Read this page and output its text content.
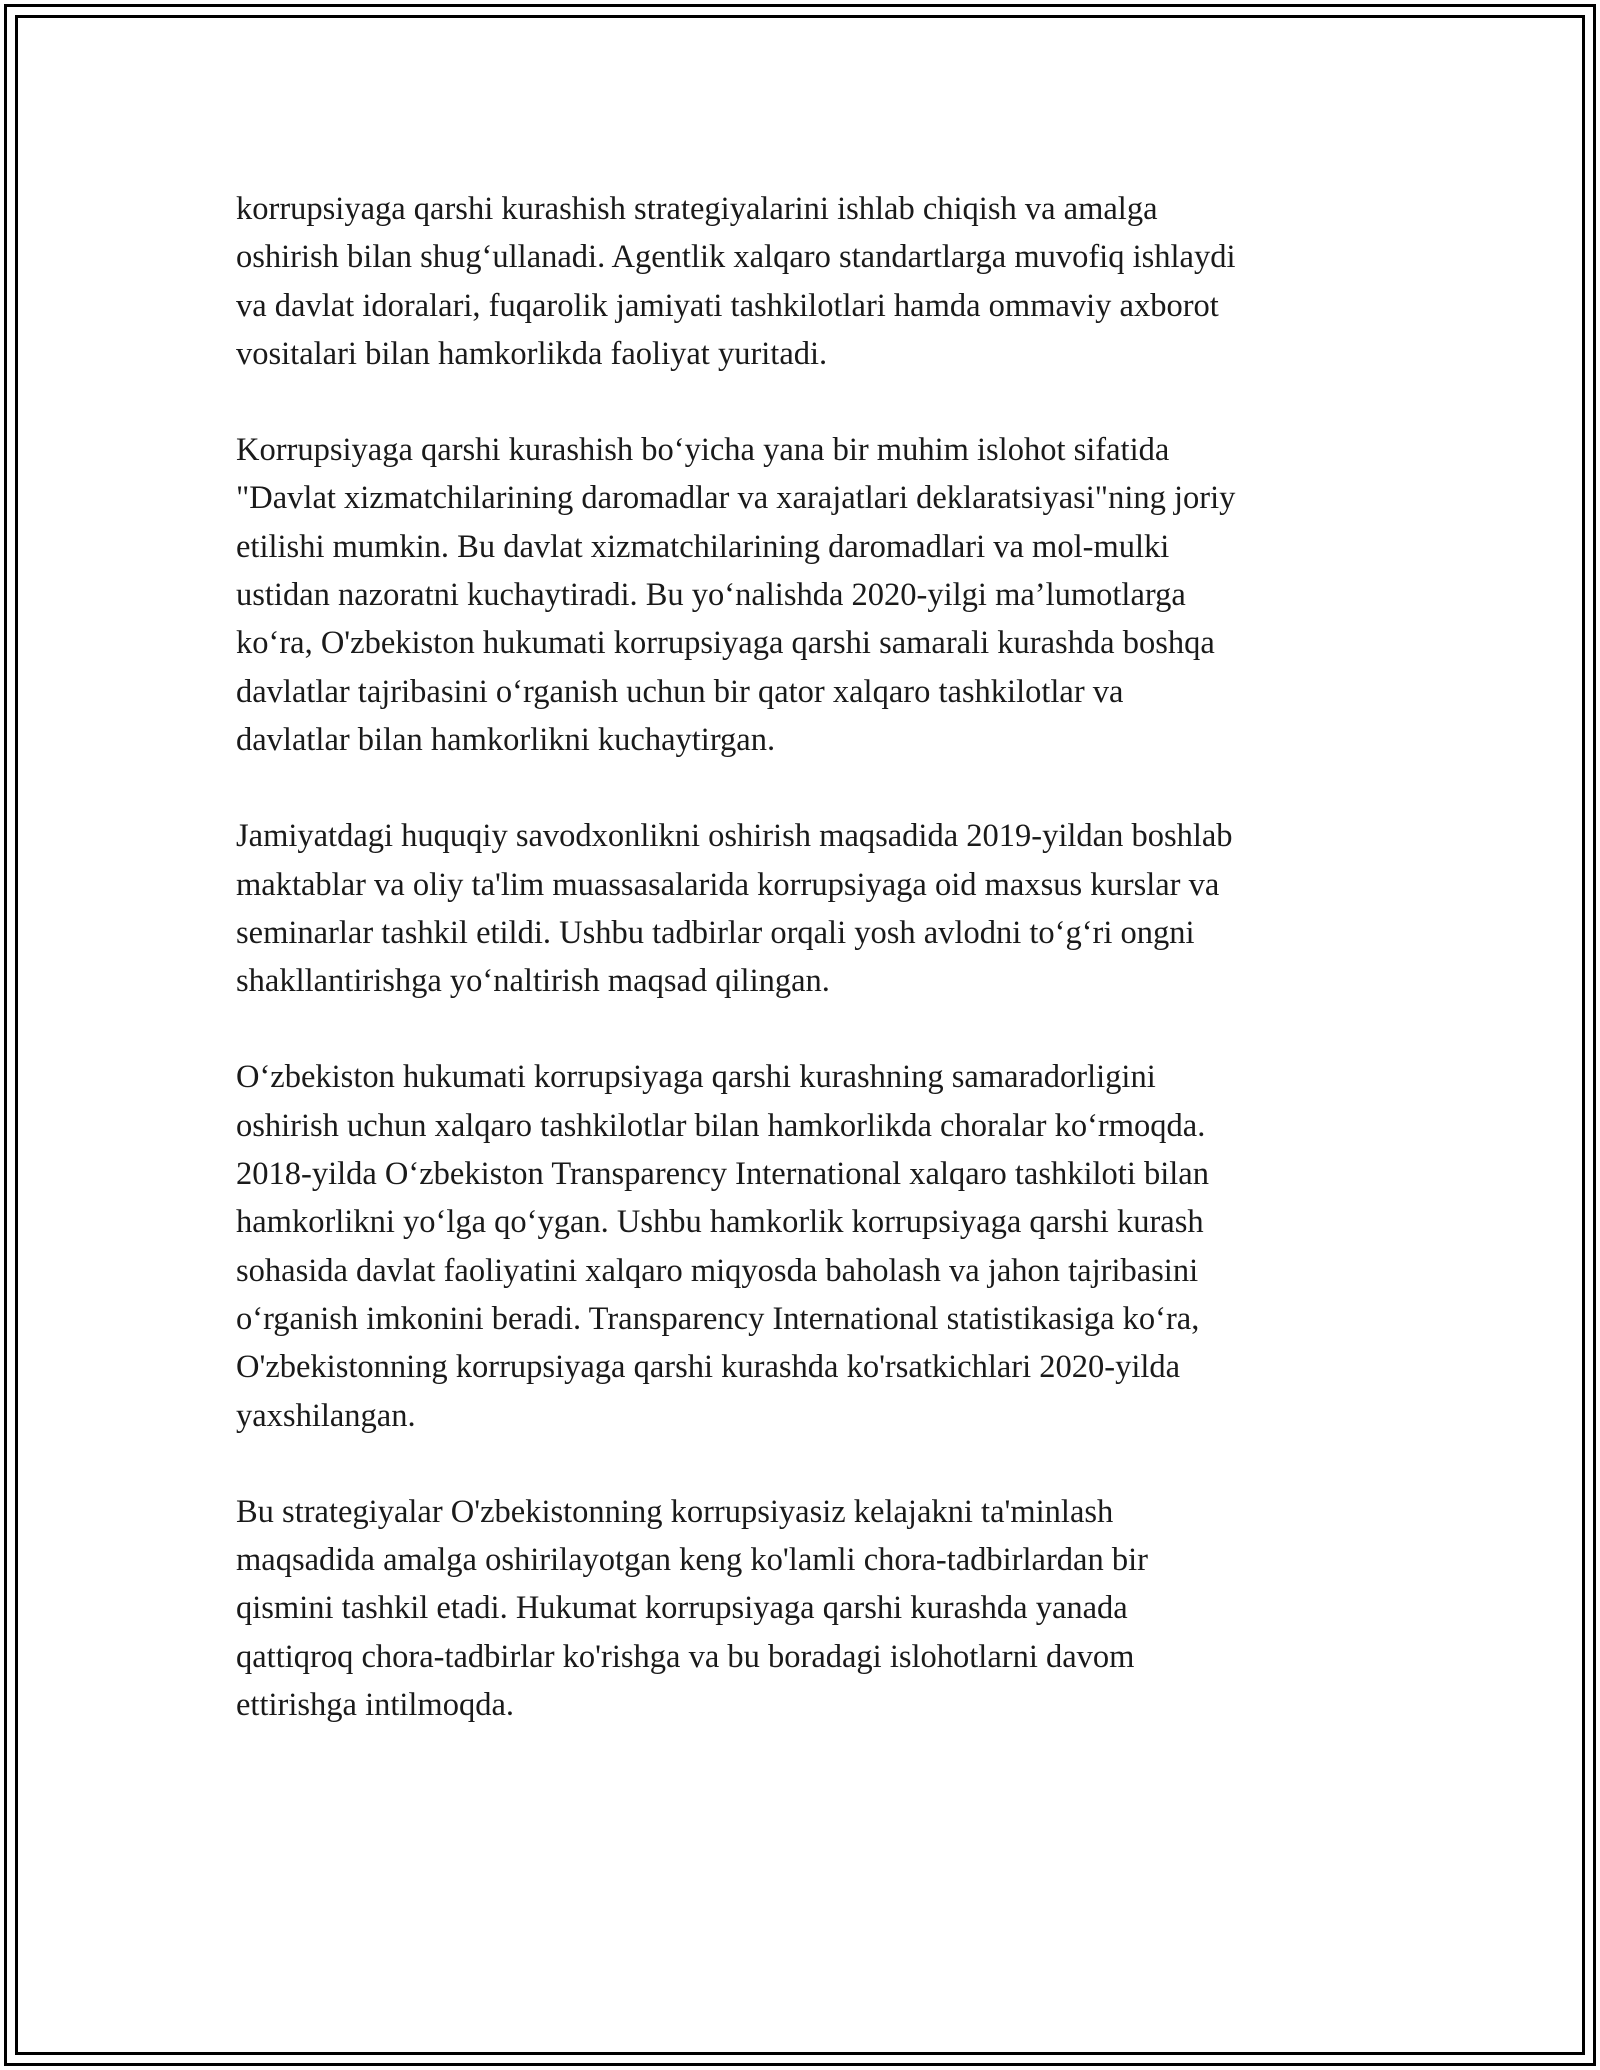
korrupsiyaga qarshi kurashish strategiyalarini ishlab chiqish va amalga
oshirish bilan shug‘ullanadi. Agentlik xalqaro standartlarga muvofiq ishlaydi
va davlat idoralari, fuqarolik jamiyati tashkilotlari hamda ommaviy axborot
vositalari bilan hamkorlikda faoliyat yuritadi.

Korrupsiyaga qarshi kurashish bo‘yicha yana bir muhim islohot sifatida
"Davlat xizmatchilarining daromadlar va xarajatlari deklaratsiyasi"ning joriy
etilishi mumkin. Bu davlat xizmatchilarining daromadlari va mol-mulki
ustidan nazoratni kuchaytiradi. Bu yo‘nalishda 2020-yilgi ma’lumotlarga
ko‘ra, O'zbekiston hukumati korrupsiyaga qarshi samarali kurashda boshqa
davlatlar tajribasini o‘rganish uchun bir qator xalqaro tashkilotlar va
davlatlar bilan hamkorlikni kuchaytirgan.

Jamiyatdagi huquqiy savodxonlikni oshirish maqsadida 2019-yildan boshlab
maktablar va oliy ta'lim muassasalarida korrupsiyaga oid maxsus kurslar va
seminarlar tashkil etildi. Ushbu tadbirlar orqali yosh avlodni to‘g‘ri ongni
shakllantirishga yo‘naltirish maqsad qilingan.

O‘zbekiston hukumati korrupsiyaga qarshi kurashning samaradorligini
oshirish uchun xalqaro tashkilotlar bilan hamkorlikda choralar ko‘rmoqda.
2018-yilda O‘zbekiston Transparency International xalqaro tashkiloti bilan
hamkorlikni yo‘lga qo‘ygan. Ushbu hamkorlik korrupsiyaga qarshi kurash
sohasida davlat faoliyatini xalqaro miqyosda baholash va jahon tajribasini
o‘rganish imkonini beradi. Transparency International statistikasiga ko‘ra,
O'zbekistonning korrupsiyaga qarshi kurashda ko'rsatkichlari 2020-yilda
yaxshilangan.

Bu strategiyalar O'zbekistonning korrupsiyasiz kelajakni ta'minlash
maqsadida amalga oshirilayotgan keng ko'lamli chora-tadbirlardan bir
qismini tashkil etadi. Hukumat korrupsiyaga qarshi kurashda yanada
qattiqroq chora-tadbirlar ko'rishga va bu boradagi islohotlarni davom
ettirishga intilmoqda.
